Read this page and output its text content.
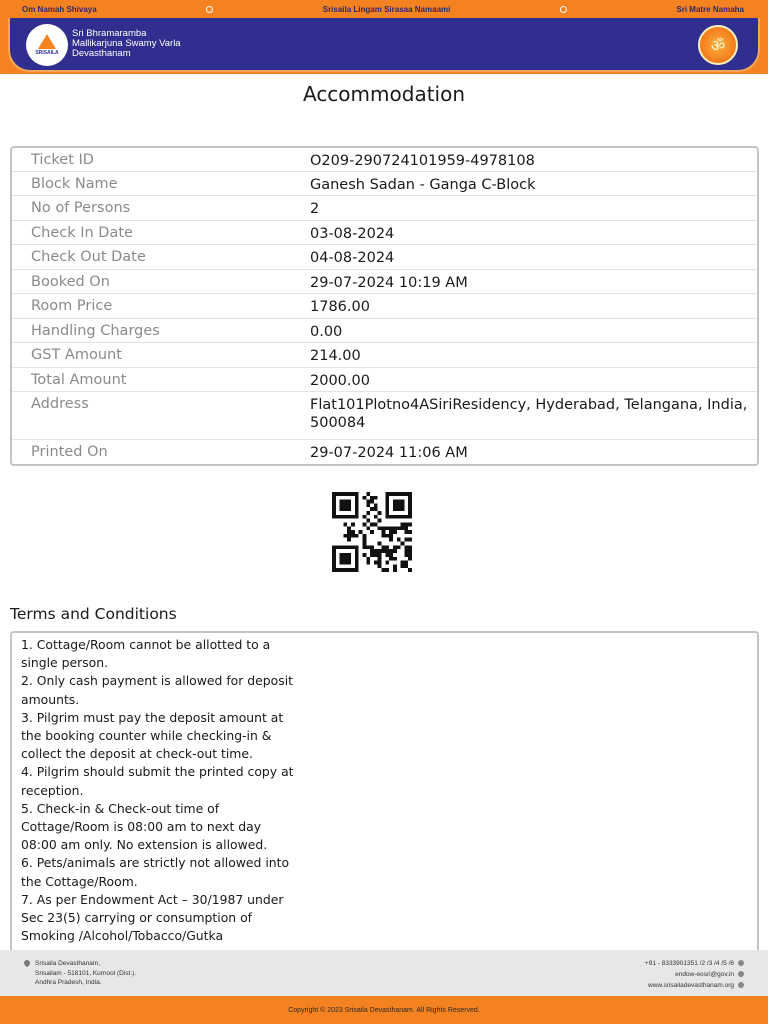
Om Namah Shivaya	Srisaila Lingam Sirasaa Namaami	Sri Matre Namaha
SRISAILA
Sri Bhramaramba
Mallikarjuna Swamy Varla
Devasthanam	ॐ
Accommodation
Ticket ID	O209-290724101959-4978108
Block Name	Ganesh Sadan - Ganga C-Block
No of Persons	2
Check In Date	03-08-2024
Check Out Date	04-08-2024
Booked On	29-07-2024 10:19 AM
Room Price	1786.00
Handling Charges	0.00
GST Amount	214.00
Total Amount	2000.00
Address	Flat101Plotno4ASiriResidency, Hyderabad, Telangana, India, 500084
Printed On	29-07-2024 11:06 AM
Terms and Conditions

1. Cottage/Room cannot be allotted to a single person.
2. Only cash payment is allowed for deposit amounts.
3. Pilgrim must pay the deposit amount at the booking counter while checking-in & collect the deposit at check-out time.
4. Pilgrim should submit the printed copy at reception.
5. Check-in & Check-out time of Cottage/Room is 08:00 am to next day 08:00 am only. No extension is allowed.
6. Pets/animals are strictly not allowed into the Cottage/Room.
7. As per Endowment Act – 30/1987 under Sec 23(5) carrying or consumption of Smoking /Alcohol/Tobacco/Gutka

Srisaila Devasthanam,
Srisailam - 518101, Kurnool (Dist.).
Andhra Pradesh, India.
+91 - 8333901351 /2 /3 /4 /5 /6
endow-eosri@gov.in
www.srisailadevasthanam.org
Copyright © 2023 Srisaila Devasthanam. All Rights Reserved.
